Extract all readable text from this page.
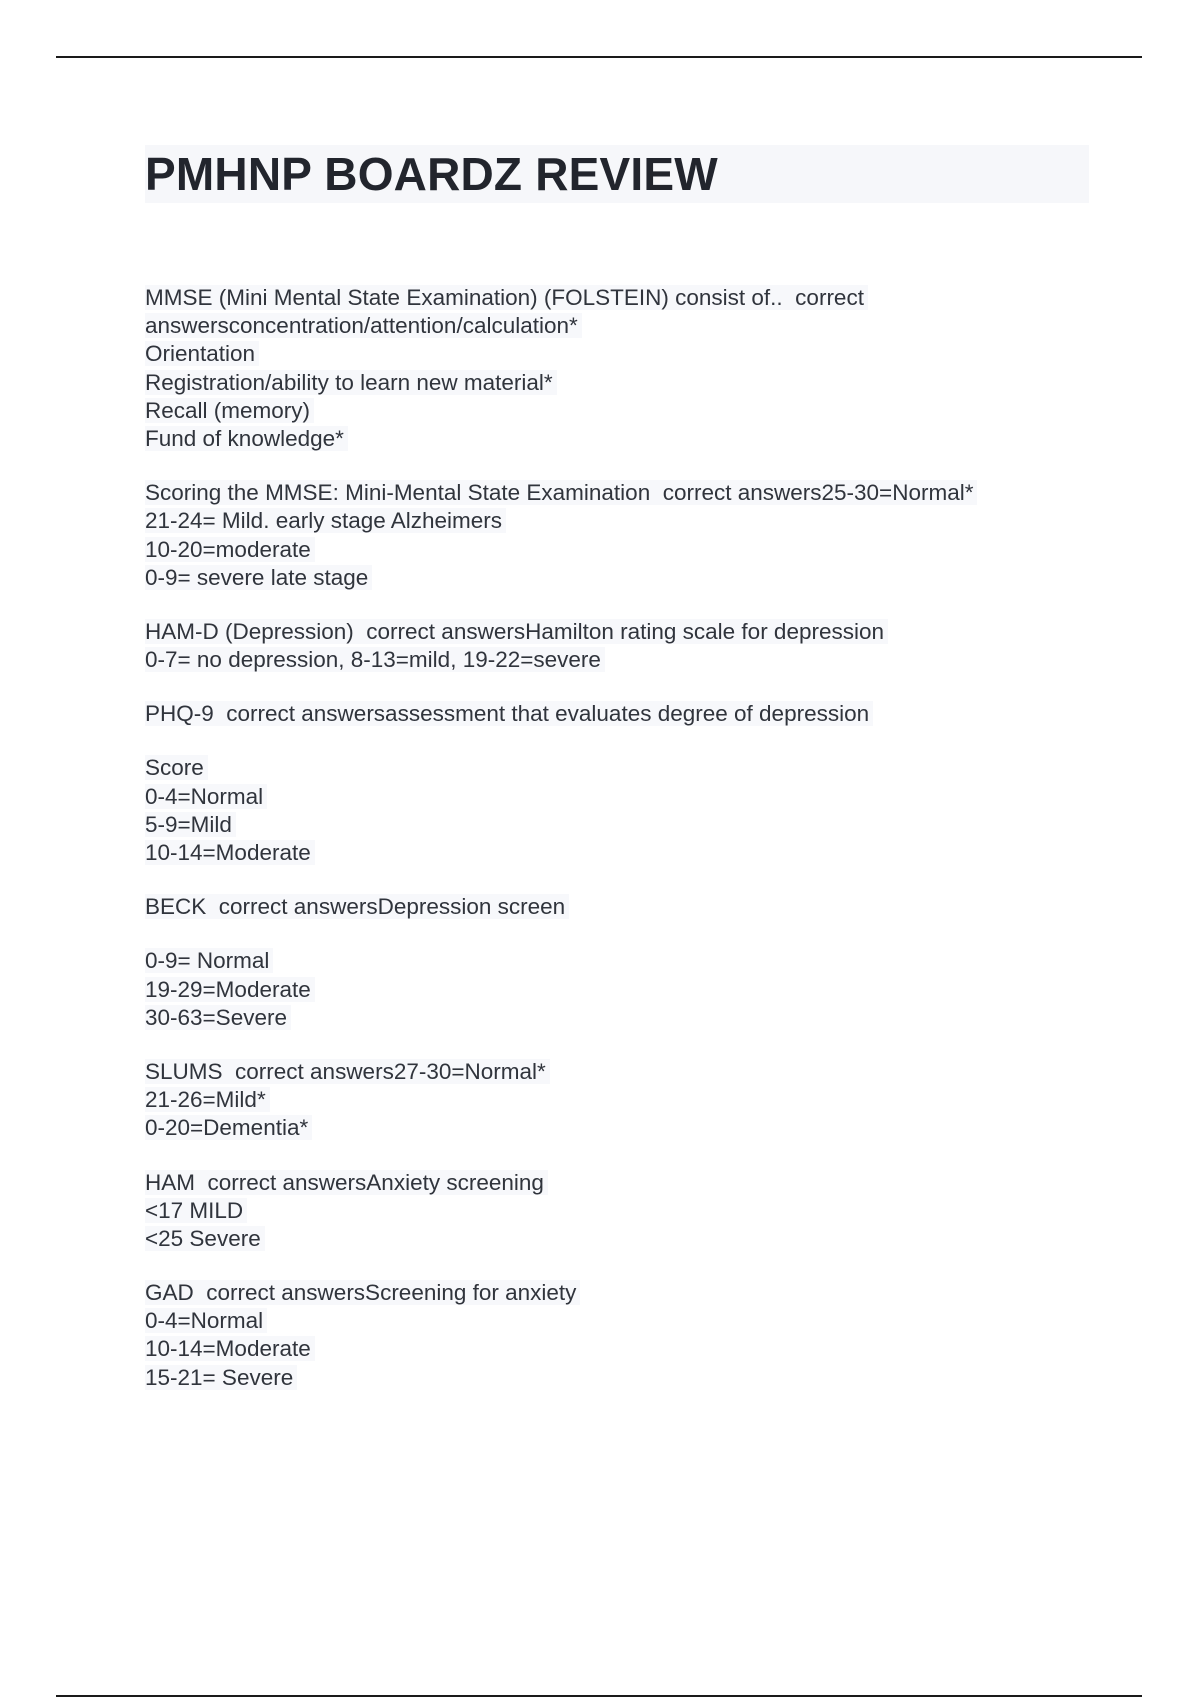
PMHNP BOARDZ REVIEW
MMSE (Mini Mental State Examination) (FOLSTEIN) consist of..  correct
answersconcentration/attention/calculation*
Orientation
Registration/ability to learn new material*
Recall (memory)
Fund of knowledge*
Scoring the MMSE: Mini-Mental State Examination  correct answers25-30=Normal*
21-24= Mild. early stage Alzheimers
10-20=moderate
0-9= severe late stage
HAM-D (Depression)  correct answersHamilton rating scale for depression
0-7= no depression, 8-13=mild, 19-22=severe
PHQ-9  correct answersassessment that evaluates degree of depression
Score
0-4=Normal
5-9=Mild
10-14=Moderate
BECK  correct answersDepression screen
0-9= Normal
19-29=Moderate
30-63=Severe
SLUMS  correct answers27-30=Normal*
21-26=Mild*
0-20=Dementia*
HAM  correct answersAnxiety screening
<17 MILD
<25 Severe
GAD  correct answersScreening for anxiety
0-4=Normal
10-14=Moderate
15-21= Severe
